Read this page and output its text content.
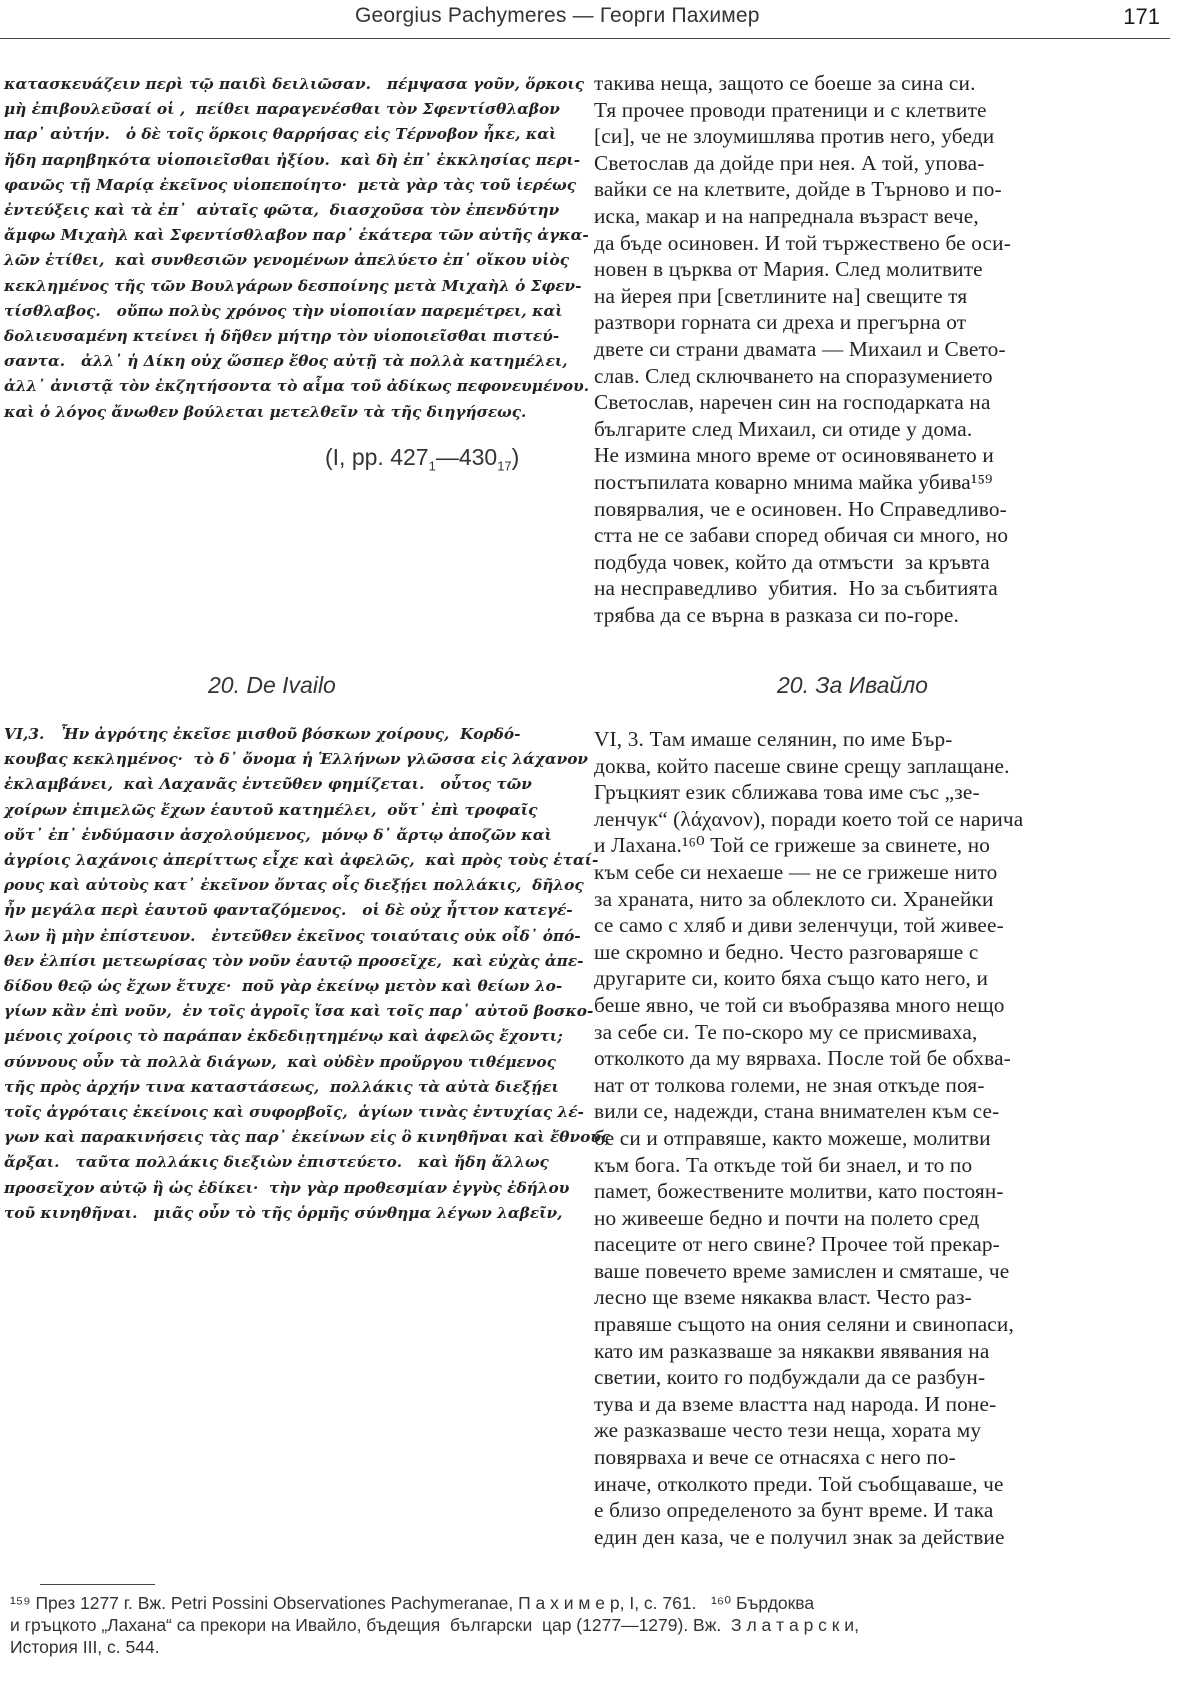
Georgius Pachymeres — Георги Пахимер	171
κατασκευάζειν περὶ τῷ παιδὶ δειλιῶσαν.   πέμψασα γοῦν, ὅρκοις
μὴ ἐπιβουλεῦσαί οἱ ,  πείθει παραγενέσθαι τὸν Σφεντίσθλαβον
παρ᾿ αὐτήν.   ὁ δὲ τοῖς ὅρκοις θαρρήσας εἰς Τέρνοβον ἧκε, καὶ
ἤδη παρηβηκότα υἱοποιεῖσθαι ἠξίου.  καὶ δὴ ἐπ᾿ ἐκκλησίας περι-
φανῶς τῇ Μαρίᾳ ἐκεῖνος υἱοπεποίητο·  μετὰ γὰρ τὰς τοῦ ἱερέως
ἐντεύξεις καὶ τὰ ἐπ᾿  αὐταῖς φῶτα,  διασχοῦσα τὸν ἐπενδύτην
ἄμφω Μιχαὴλ καὶ Σφεντίσθλαβον παρ᾿ ἑκάτερα τῶν αὐτῆς ἀγκα-
λῶν ἐτίθει,  καὶ συνθεσιῶν γενομένων ἀπελύετο ἐπ᾿ οἴκου υἱὸς
κεκλημένος τῆς τῶν Βουλγάρων δεσποίνης μετὰ Μιχαὴλ ὁ Σφεν-
τίσθλαβος.   οὔπω πολὺς χρόνος τὴν υἱοποιίαν παρεμέτρει, καὶ
δολιευσαμένη κτείνει ἡ δῆθεν μήτηρ τὸν υἱοποιεῖσθαι πιστεύ-
σαντα.   ἀλλ᾿ ἡ Δίκη οὐχ ὥσπερ ἔθος αὐτῇ τὰ πολλὰ κατημέλει,
ἀλλ᾿ ἀνιστᾷ τὸν ἐκζητήσοντα τὸ αἷμα τοῦ ἀδίκως πεφονευμένου.
καὶ ὁ λόγος ἄνωθεν βούλεται μετελθεῖν τὰ τῆς διηγήσεως.
такива неща, защото се боеше за сина си.
Тя прочее проводи пратеници и с клетвите
[си], че не злоумишлява против него, убеди
Светослав да дойде при нея. А той, упова-
вайки се на клетвите, дойде в Търново и по-
иска, макар и на напреднала възраст вече,
да бъде осиновен. И той тържествено бе оси-
новен в църква от Мария. След молитвите
на йерея при [светлините на] свещите тя
разтвори горната си дреха и прегърна от
двете си страни двамата — Михаил и Свето-
слав. След сключването на споразумението
Светослав, наречен син на господарката на
българите след Михаил, си отиде у дома.
Не измина много време от осиновяването и
постъпилата коварно мнима майка убива¹⁵⁹
повярвалия, че е осиновен. Но Справедливо-
стта не се забави според обичая си много, но
подбуда човек, който да отмъсти  за кръвта
на несправедливо  убития.  Но за събитията
трябва да се върна в разказа си по-горе.
(I, pp. $427_1—430_{17}$)
20. De Ivailo	20. За Ивайло
VI,3.   Ἦν ἀγρότης ἐκεῖσε μισθοῦ βόσκων χοίρους,  Κορδό-
κουβας κεκλημένος·  τὸ δ᾿ ὄνομα ἡ Ἑλλήνων γλῶσσα εἰς λάχανον
ἐκλαμβάνει,  καὶ Λαχανᾶς ἐντεῦθεν φημίζεται.   οὗτος τῶν
χοίρων ἐπιμελῶς ἔχων ἑαυτοῦ κατημέλει,  οὔτ᾿ ἐπὶ τροφαῖς
οὔτ᾿ ἐπ᾿ ἐνδύμασιν ἀσχολούμενος,  μόνῳ δ᾿ ἄρτῳ ἀποζῶν καὶ
ἀγρίοις λαχάνοις ἀπερίττως εἶχε καὶ ἀφελῶς,  καὶ πρὸς τοὺς ἑταί-
ρους καὶ αὐτοὺς κατ᾿ ἐκεῖνον ὄντας οἷς διεξῄει πολλάκις,  δῆλος
ἦν μεγάλα περὶ ἑαυτοῦ φανταζόμενος.   οἱ δὲ οὐχ ἧττον κατεγέ-
λων ἢ μὴν ἐπίστευον.   ἐντεῦθεν ἐκεῖνος τοιαύταις οὐκ οἶδ᾿ ὁπό-
θεν ἐλπίσι μετεωρίσας τὸν νοῦν ἑαυτῷ προσεῖχε,  καὶ εὐχὰς ἀπε-
δίδου θεῷ ὡς ἔχων ἔτυχε·  ποῦ γὰρ ἐκείνῳ μετὸν καὶ θείων λο-
γίων κἂν ἐπὶ νοῦν,  ἐν τοῖς ἀγροῖς ἴσα καὶ τοῖς παρ᾿ αὐτοῦ βοσκο-
μένοις χοίροις τὸ παράπαν ἐκδεδιῃτημένῳ καὶ ἀφελῶς ἔχοντι;
σύννους οὖν τὰ πολλὰ διάγων,  καὶ οὐδὲν προὔργου τιθέμενος
τῆς πρὸς ἀρχήν τινα καταστάσεως,  πολλάκις τὰ αὐτὰ διεξῄει
τοῖς ἀγρόταις ἐκείνοις καὶ συφορβοῖς,  ἁγίων τινὰς ἐντυχίας λέ-
γων καὶ παρακινήσεις τὰς παρ᾿ ἐκείνων εἰς ὃ κινηθῆναι καὶ ἔθνους
ἄρξαι.   ταῦτα πολλάκις διεξιὼν ἐπιστεύετο.   καὶ ἤδη ἄλλως
προσεῖχον αὐτῷ ἢ ὡς ἐδίκει·  τὴν γὰρ προθεσμίαν ἐγγὺς ἐδήλου
τοῦ κινηθῆναι.   μιᾶς οὖν τὸ τῆς ὁρμῆς σύνθημα λέγων λαβεῖν,
VI, 3. Там имаше селянин, по име Бър-
доква, който пасеше свине срещу заплащане.
Гръцкият език сближава това име със „зе-
ленчук“ (λάχανον), поради което той се нарича
и Лахана.¹⁶⁰ Той се грижеше за свинете, но
към себе си нехаеше — не се грижеше нито
за храната, нито за облеклото си. Хранейки
се само с хляб и диви зеленчуци, той живее-
ше скромно и бедно. Често разговаряше с
другарите си, които бяха също като него, и
беше явно, че той си въобразява много нещо
за себе си. Те по-скоро му се присмиваха,
отколкото да му вярваха. После той бе обхва-
нат от толкова големи, не зная откъде поя-
вили се, надежди, стана внимателен към се-
бе си и отправяше, както можеше, молитви
към бога. Та откъде той би знаел, и то по
памет, божествените молитви, като постоян-
но живееше бедно и почти на полето сред
пасеците от него свине? Прочее той прекар-
ваше повечето време замислен и смяташе, че
лесно ще вземе някаква власт. Често раз-
правяше същото на ония селяни и свинопаси,
като им разказваше за някакви явявания на
светии, които го подбуждали да се разбун-
тува и да вземе властта над народа. И поне-
же разказваше често тези неща, хората му
повярваха и вече се отнасяха с него по-
иначе, отколкото преди. Той съобщаваше, че
е близо определеното за бунт време. И така
един ден каза, че е получил знак за действие
¹⁵⁹ През 1277 г. Вж. Petri Possini Observationes Pachymeranae, П а х и м е р, I, с. 761.   ¹⁶⁰ Бърдоква
и гръцкото „Лахана“ са прекори на Ивайло, бъдещия  български  цар (1277—1279). Вж.  З л а т а р с к и,
История III, с. 544.
